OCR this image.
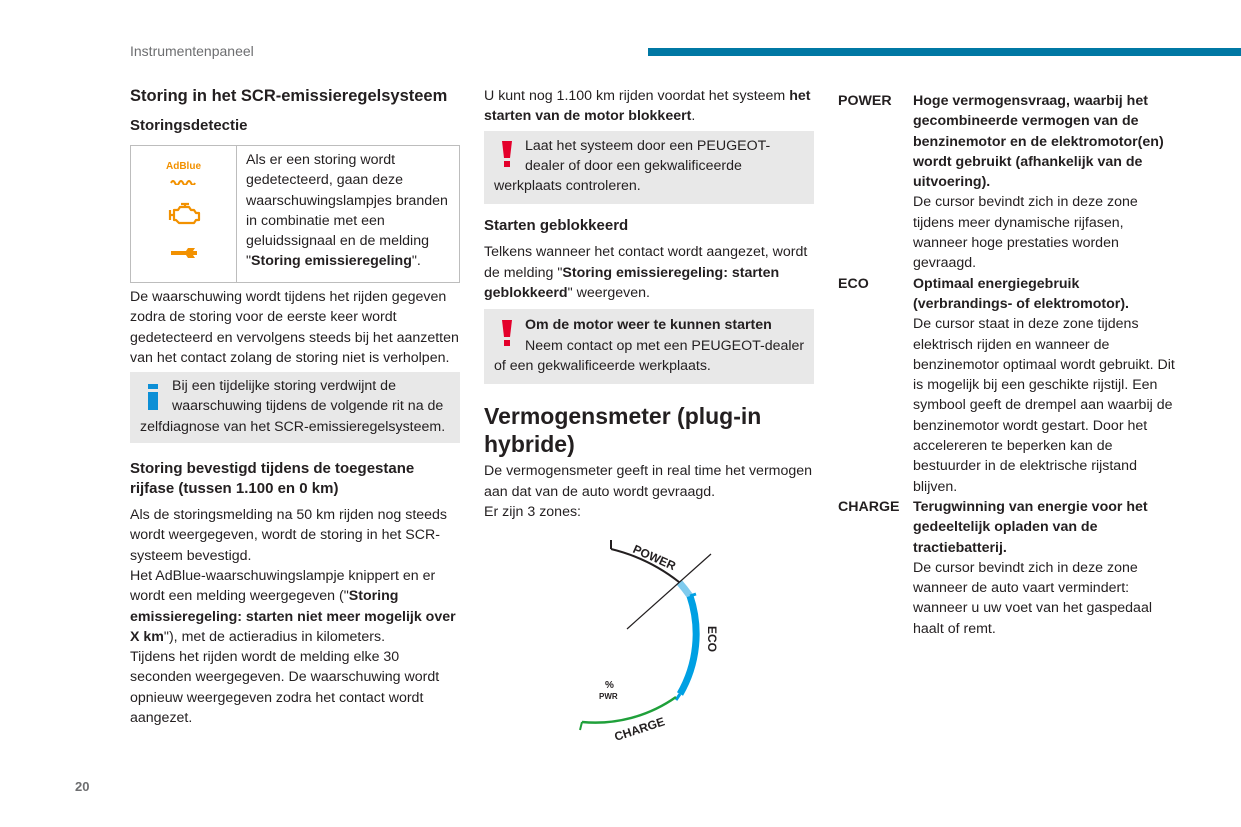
Instrumentenpaneel

Storing in het SCR-emissieregelsysteem

Storingsdetectie

AdBlue	Als er een storing wordt gedetecteerd, gaan deze waarschuwingslampjes branden in combinatie met een geluidssignaal en de melding "Storing emissieregeling".

De waarschuwing wordt tijdens het rijden gegeven zodra de storing voor de eerste keer wordt gedetecteerd en vervolgens steeds bij het aanzetten van het contact zolang de storing niet is verholpen.

Bij een tijdelijke storing verdwijnt de
waarschuwing tijdens de volgende rit na de
zelfdiagnose van het SCR-emissieregelsysteem.

Storing bevestigd tijdens de toegestane rijfase (tussen 1.100 en 0 km)

Als de storingsmelding na 50 km rijden nog steeds wordt weergegeven, wordt de storing in het SCR-systeem bevestigd.

Het AdBlue-waarschuwingslampje knippert en er wordt een melding weergegeven ("Storing emissieregeling: starten niet meer mogelijk over X km"), met de actieradius in kilometers.

Tijdens het rijden wordt de melding elke 30 seconden weergegeven. De waarschuwing wordt opnieuw weergegeven zodra het contact wordt aangezet.

U kunt nog 1.100 km rijden voordat het systeem het starten van de motor blokkeert.

Laat het systeem door een PEUGEOT-
dealer of door een gekwalificeerde
werkplaats controleren.

Starten geblokkeerd

Telkens wanneer het contact wordt aangezet, wordt de melding "Storing emissieregeling: starten geblokkeerd" weergeven.

Om de motor weer te kunnen starten
Neem contact op met een PEUGEOT-dealer
of een gekwalificeerde werkplaats.

Vermogensmeter (plug-in hybride)

De vermogensmeter geeft in real time het vermogen aan dat van de auto wordt gevraagd.

Er zijn 3 zones:

POWER
ECO
CHARGE
%
PWR
POWER	Hoge vermogensvraag, waarbij het gecombineerde vermogen van de benzinemotor en de elektromotor(en) wordt gebruikt (afhankelijk van de uitvoering).

De cursor bevindt zich in deze zone tijdens meer dynamische rijfasen, wanneer hoge prestaties worden gevraagd.

ECO	Optimaal energiegebruik (verbrandings- of elektromotor).

De cursor staat in deze zone tijdens elektrisch rijden en wanneer de benzinemotor optimaal wordt gebruikt. Dit is mogelijk bij een geschikte rijstijl. Een symbool geeft de drempel aan waarbij de benzinemotor wordt gestart. Door het accelereren te beperken kan de bestuurder in de elektrische rijstand blijven.

CHARGE Terugwinning van energie voor het gedeeltelijk opladen van de tractiebatterij.

De cursor bevindt zich in deze zone wanneer de auto vaart vermindert: wanneer u uw voet van het gaspedaal haalt of remt.

20
